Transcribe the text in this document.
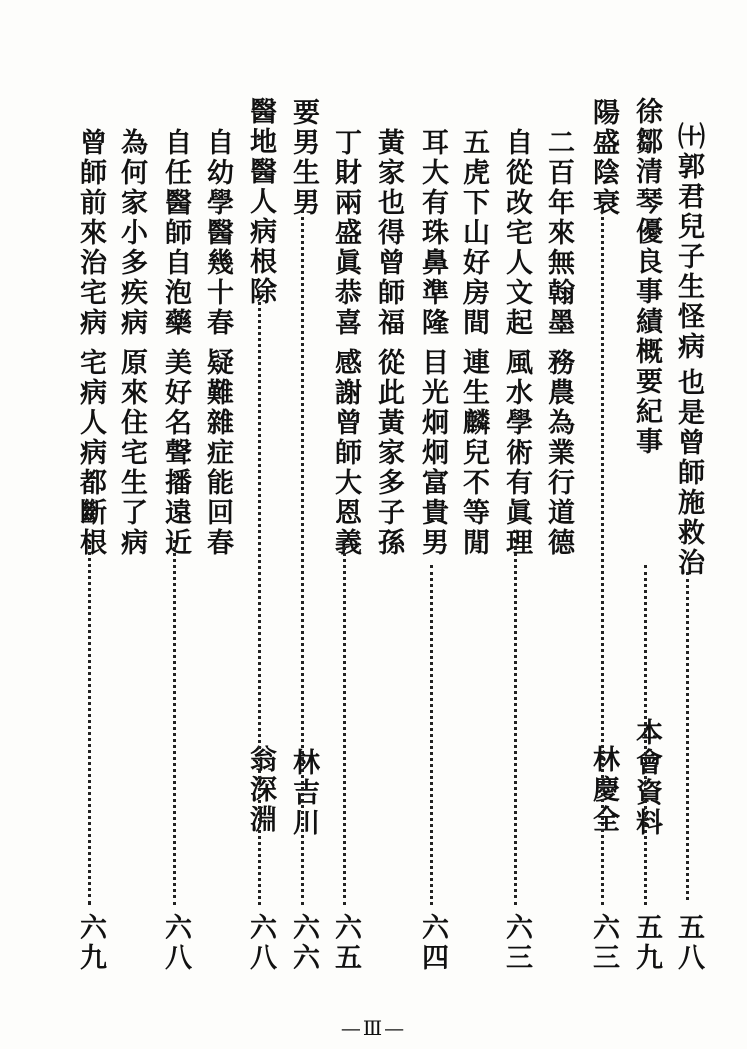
㈩郭君兒子生怪病
也是曾師施救治
五八
徐鄒清琴優良事績概要紀事
本會資料
五九
陽盛陰衰
林慶全
六三
二百年來無翰墨
務農為業行道德
自從改宅人文起
風水學術有眞理
六三
五虎下山好房間
連生麟兒不等閒
耳大有珠鼻準隆
目光炯炯富貴男
六四
黃家也得曾師福
從此黃家多子孫
丁財兩盛眞恭喜
感謝曾師大恩義
六五
要男生男
林吉川
六六
醫地醫人病根除
翁深淵
六八
自幼學醫幾十春
疑難雜症能回春
自任醫師自泡藥
美好名聲播遠近
六八
為何家小多疾病
原來住宅生了病
曾師前來治宅病
宅病人病都斷根
六九
—Ⅲ—
